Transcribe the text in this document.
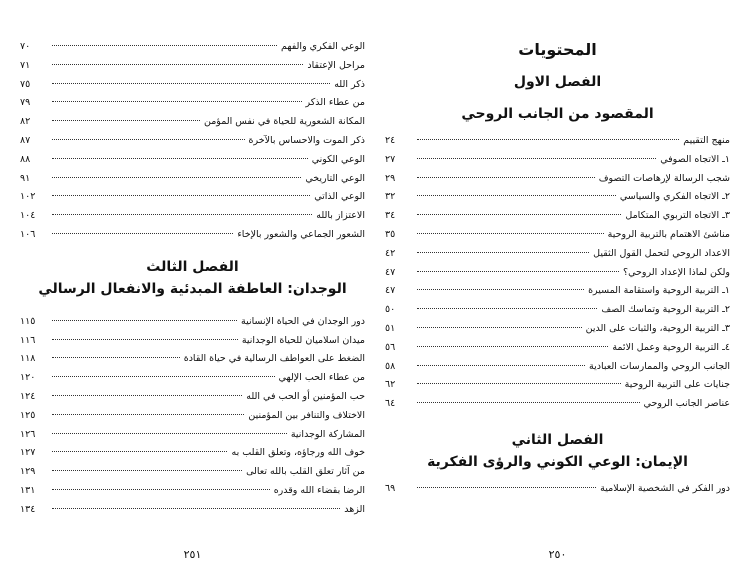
الوعي الفكري والفهم
٧٠
مراحل الإعتقاد
٧١
ذكر الله
٧٥
من عطاء الذكر
٧٩
المكانة الشعورية للحياة في نفس المؤمن
٨٢
ذكر الموت والاحساس بالآخرة
٨٧
الوعي الكوني
٨٨
الوعي التاريخي
٩١
الوعي الذاتي
١٠٢
الاعتزاز بالله
١٠٤
الشعور الجماعي والشعور بالإخاء
١٠٦
الفصل الثالث
الوجدان: العاطفة المبدئية والانفعال الرسالي
دور الوجدان في الحياة الإنسانية
١١٥
ميدان اسلاميان للحياة الوجدانية
١١٦
الضغط على العواطف الرسالية في حياة القادة
١١٨
من عطاء الحب الإلهي
١٢٠
حب المؤمنين أو الحب في الله
١٢٤
الاختلاف والتنافر بين المؤمنين
١٢٥
المشاركة الوجدانية
١٢٦
خوف الله ورجاؤه، وتعلق القلب به
١٢٧
من آثار تعلق القلب بالله تعالى
١٢٩
الرضا بقضاء الله وقدره
١٣١
الزهد
١٣٤
٢٥١
المحتويات
الفصل الاول
المقصود من الجانب الروحي
منهج التقييم
٢٤
١ـ الاتجاه الصوفي
٢٧
شجب الرسالة لإرهاصات التصوف
٢٩
٢ـ الاتجاه الفكري والسياسي
٣٢
٣ـ الاتجاه التربوي المتكامل
٣٤
مناشئ الاهتمام بالتربية الروحية
٣٥
الاعداد الروحي لتحمل القول الثقيل
٤٢
ولكن لماذا الإعداد الروحي؟
٤٧
١ـ التربية الروحية واستقامة المسيرة
٤٧
٢ـ التربية الروحية وتماسك الصف
٥٠
٣ـ التربية الروحية، والثبات على الدين
٥١
٤ـ التربية الروحية وعمل الائمة
٥٦
الجانب الروحي والممارسات العبادية
٥٨
جنايات على التربية الروحية
٦٢
عناصر الجانب الروحي
٦٤
الفصل الثاني
الإيمان: الوعي الكوني والرؤى الفكرية
دور الفكر في الشخصية الإسلامية
٦٩
٢٥٠
